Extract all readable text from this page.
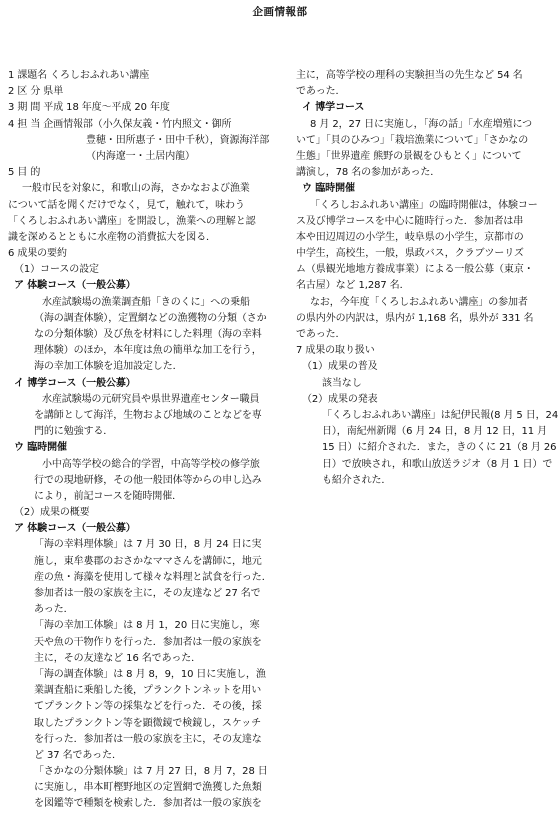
企画情報部
1 課題名 くろしおふれあい講座
2 区 分 県単
3 期 間 平成 18 年度～平成 20 年度
4 担 当 企画情報部（小久保友義・竹内照文・御所
豊穂・田所惠子・田中千秋），資源海洋部
（内海遼一・土居内龍）
5 目 的
一般市民を対象に，和歌山の海，さかなおよび漁業
について話を聞くだけでなく，見て，触れて，味わう
「くろしおふれあい講座」を開設し，漁業への理解と認
識を深めるとともに水産物の消費拡大を図る．
6 成果の要約
（1）コースの設定
ア 体験コース（一般公募）
水産試験場の漁業調査船「きのくに」への乗船
（海の調査体験），定置網などの漁獲物の分類（さか
なの分類体験）及び魚を材料にした料理（海の幸料
理体験）のほか，本年度は魚の簡単な加工を行う，
海の幸加工体験を追加設定した．
イ 博学コース（一般公募）
水産試験場の元研究員や県世界遺産センター職員
を講師として海洋，生物および地域のことなどを専
門的に勉強する．
ウ 臨時開催
小中高等学校の総合的学習，中高等学校の修学旅
行での現地研修，その他一般団体等からの申し込み
により，前記コースを随時開催．
（2）成果の概要
ア 体験コース（一般公募）
「海の幸料理体験」は 7 月 30 日，8 月 24 日に実
施し，東牟婁郡のおさかなママさんを講師に，地元
産の魚・海藻を使用して様々な料理と試食を行った．
参加者は一般の家族を主に，その友達など 27 名で
あった．
「海の幸加工体験」は 8 月 1，20 日に実施し，寒
天や魚の干物作りを行った．参加者は一般の家族を
主に，その友達など 16 名であった．
「海の調査体験」は 8 月 8，9，10 日に実施し，漁
業調査船に乗船した後，プランクトンネットを用い
てプランクトン等の採集などを行った．その後，採
取したプランクトン等を顕微鏡で検鏡し，スケッチ
を行った．参加者は一般の家族を主に，その友達な
ど 37 名であった．
「さかなの分類体験」は 7 月 27 日，8 月 7，28 日
に実施し，串本町樫野地区の定置網で漁獲した魚類
を図鑑等で種類を検索した．参加者は一般の家族を
主に，高等学校の理科の実験担当の先生など 54 名
であった．
イ 博学コース
8 月 2，27 日に実施し，「海の話」「水産増殖につ
いて」「貝のひみつ」「栽培漁業について」「さかなの
生態」「世界遺産 熊野の景観をひもとく」について
講演し，78 名の参加があった．
ウ 臨時開催
「くろしおふれあい講座」の臨時開催は，体験コー
ス及び博学コースを中心に随時行った．参加者は串
本や田辺周辺の小学生，岐阜県の小学生，京都市の
中学生，高校生，一般，県政バス，クラブツーリズ
ム（県観光地地方養成事業）による一般公募（東京・
名古屋）など 1,287 名．
なお，今年度「くろしおふれあい講座」の参加者
の県内外の内訳は，県内が 1,168 名，県外が 331 名
であった．
7 成果の取り扱い
（1）成果の普及
該当なし
（2）成果の発表
「くろしおふれあい講座」は紀伊民報(8 月 5 日，24
日），南紀州新聞（6 月 24 日，8 月 12 日，11 月
15 日）に紹介された．また，きのくに 21（8 月 26
日）で放映され，和歌山放送ラジオ（8 月 1 日）で
も紹介された．
